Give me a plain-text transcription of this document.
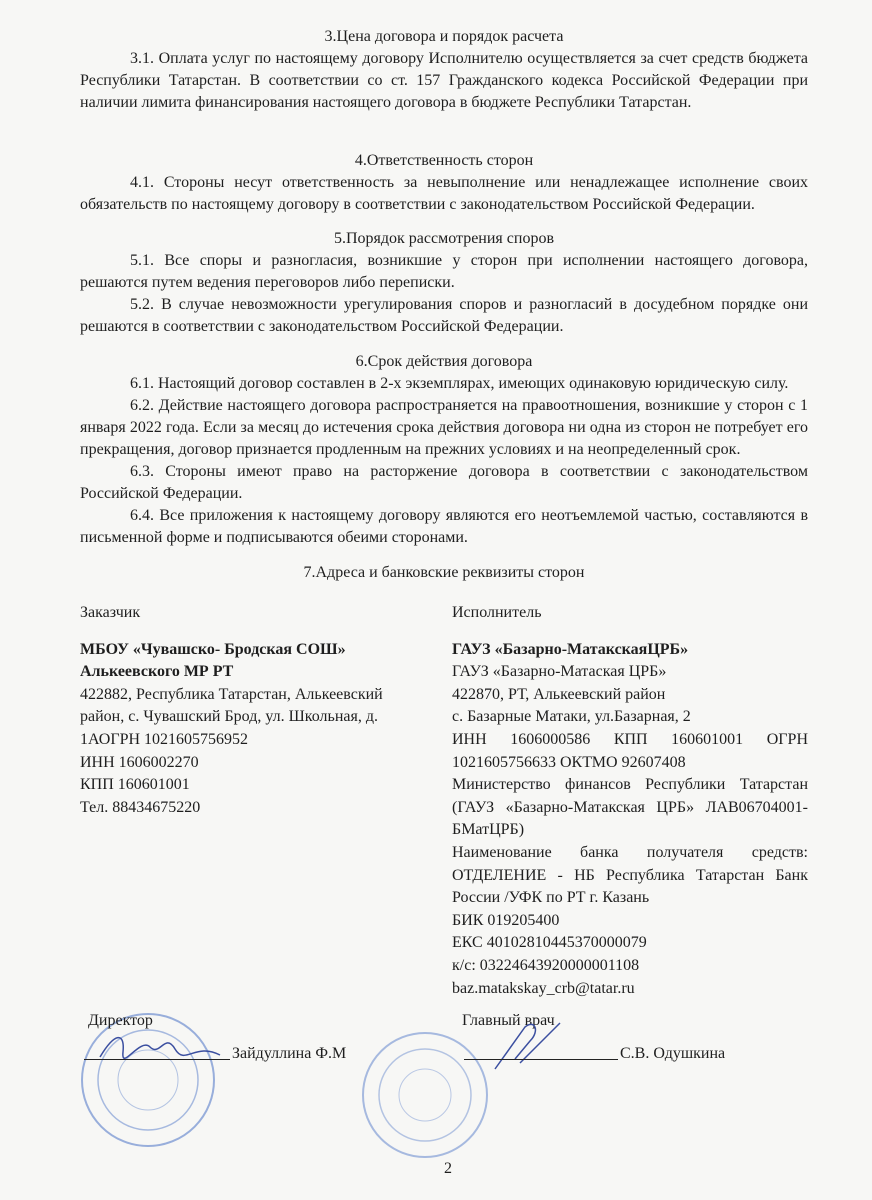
3.Цена договора и порядок расчета

3.1. Оплата услуг по настоящему договору Исполнителю осуществляется за счет средств бюджета Республики Татарстан. В соответствии со ст. 157 Гражданского кодекса Российской Федерации при наличии лимита финансирования настоящего договора в бюджете Республики Татарстан.

4.Ответственность сторон

4.1. Стороны несут ответственность за невыполнение или ненадлежащее исполнение своих обязательств по настоящему договору в соответствии с законодательством Российской Федерации.

5.Порядок рассмотрения споров

5.1. Все споры и разногласия, возникшие у сторон при исполнении настоящего договора, решаются путем ведения переговоров либо переписки.

5.2. В случае невозможности урегулирования споров и разногласий в досудебном порядке они решаются в соответствии с законодательством Российской Федерации.

6.Срок действия договора

6.1. Настоящий договор составлен в 2-х экземплярах, имеющих одинаковую юридическую силу.

6.2. Действие настоящего договора распространяется на правоотношения, возникшие у сторон с 1 января 2022 года. Если за месяц до истечения срока действия договора ни одна из сторон не потребует его прекращения, договор признается продленным на прежних условиях и на неопределенный срок.

6.3. Стороны имеют право на расторжение договора в соответствии с законодательством Российской Федерации.

6.4. Все приложения к настоящему договору являются его неотъемлемой частью, составляются в письменной форме и подписываются обеими сторонами.

7.Адреса и банковские реквизиты сторон
Заказчик
МБОУ «Чувашско- Бродская СОШ»
Алькеевского МР РТ
422882, Республика Татарстан, Алькеевский район, с. Чувашский Брод, ул. Школьная, д. 1АОГРН 1021605756952
ИНН 1606002270
КПП 160601001
Тел. 88434675220
Директор
Зайдуллина Ф.М
Исполнитель
ГАУЗ «Базарно-МатакскаяЦРБ»
ГАУЗ «Базарно-Матаская ЦРБ»
422870, РТ, Алькеевский район
с. Базарные Матаки, ул.Базарная, 2
ИНН 1606000586 КПП 160601001 ОГРН 1021605756633 ОКТМО 92607408
Министерство финансов Республики Татарстан (ГАУЗ «Базарно-Матакская ЦРБ» ЛАВ06704001-БМатЦРБ)
Наименование банка получателя средств: ОТДЕЛЕНИЕ - НБ Республика Татарстан Банк России /УФК по РТ г. Казань
БИК 019205400
ЕКС 40102810445370000079
к/с: 03224643920000001108
baz.matakskay_crb@tatar.ru
Главный врач
С.В. Одушкина
2
